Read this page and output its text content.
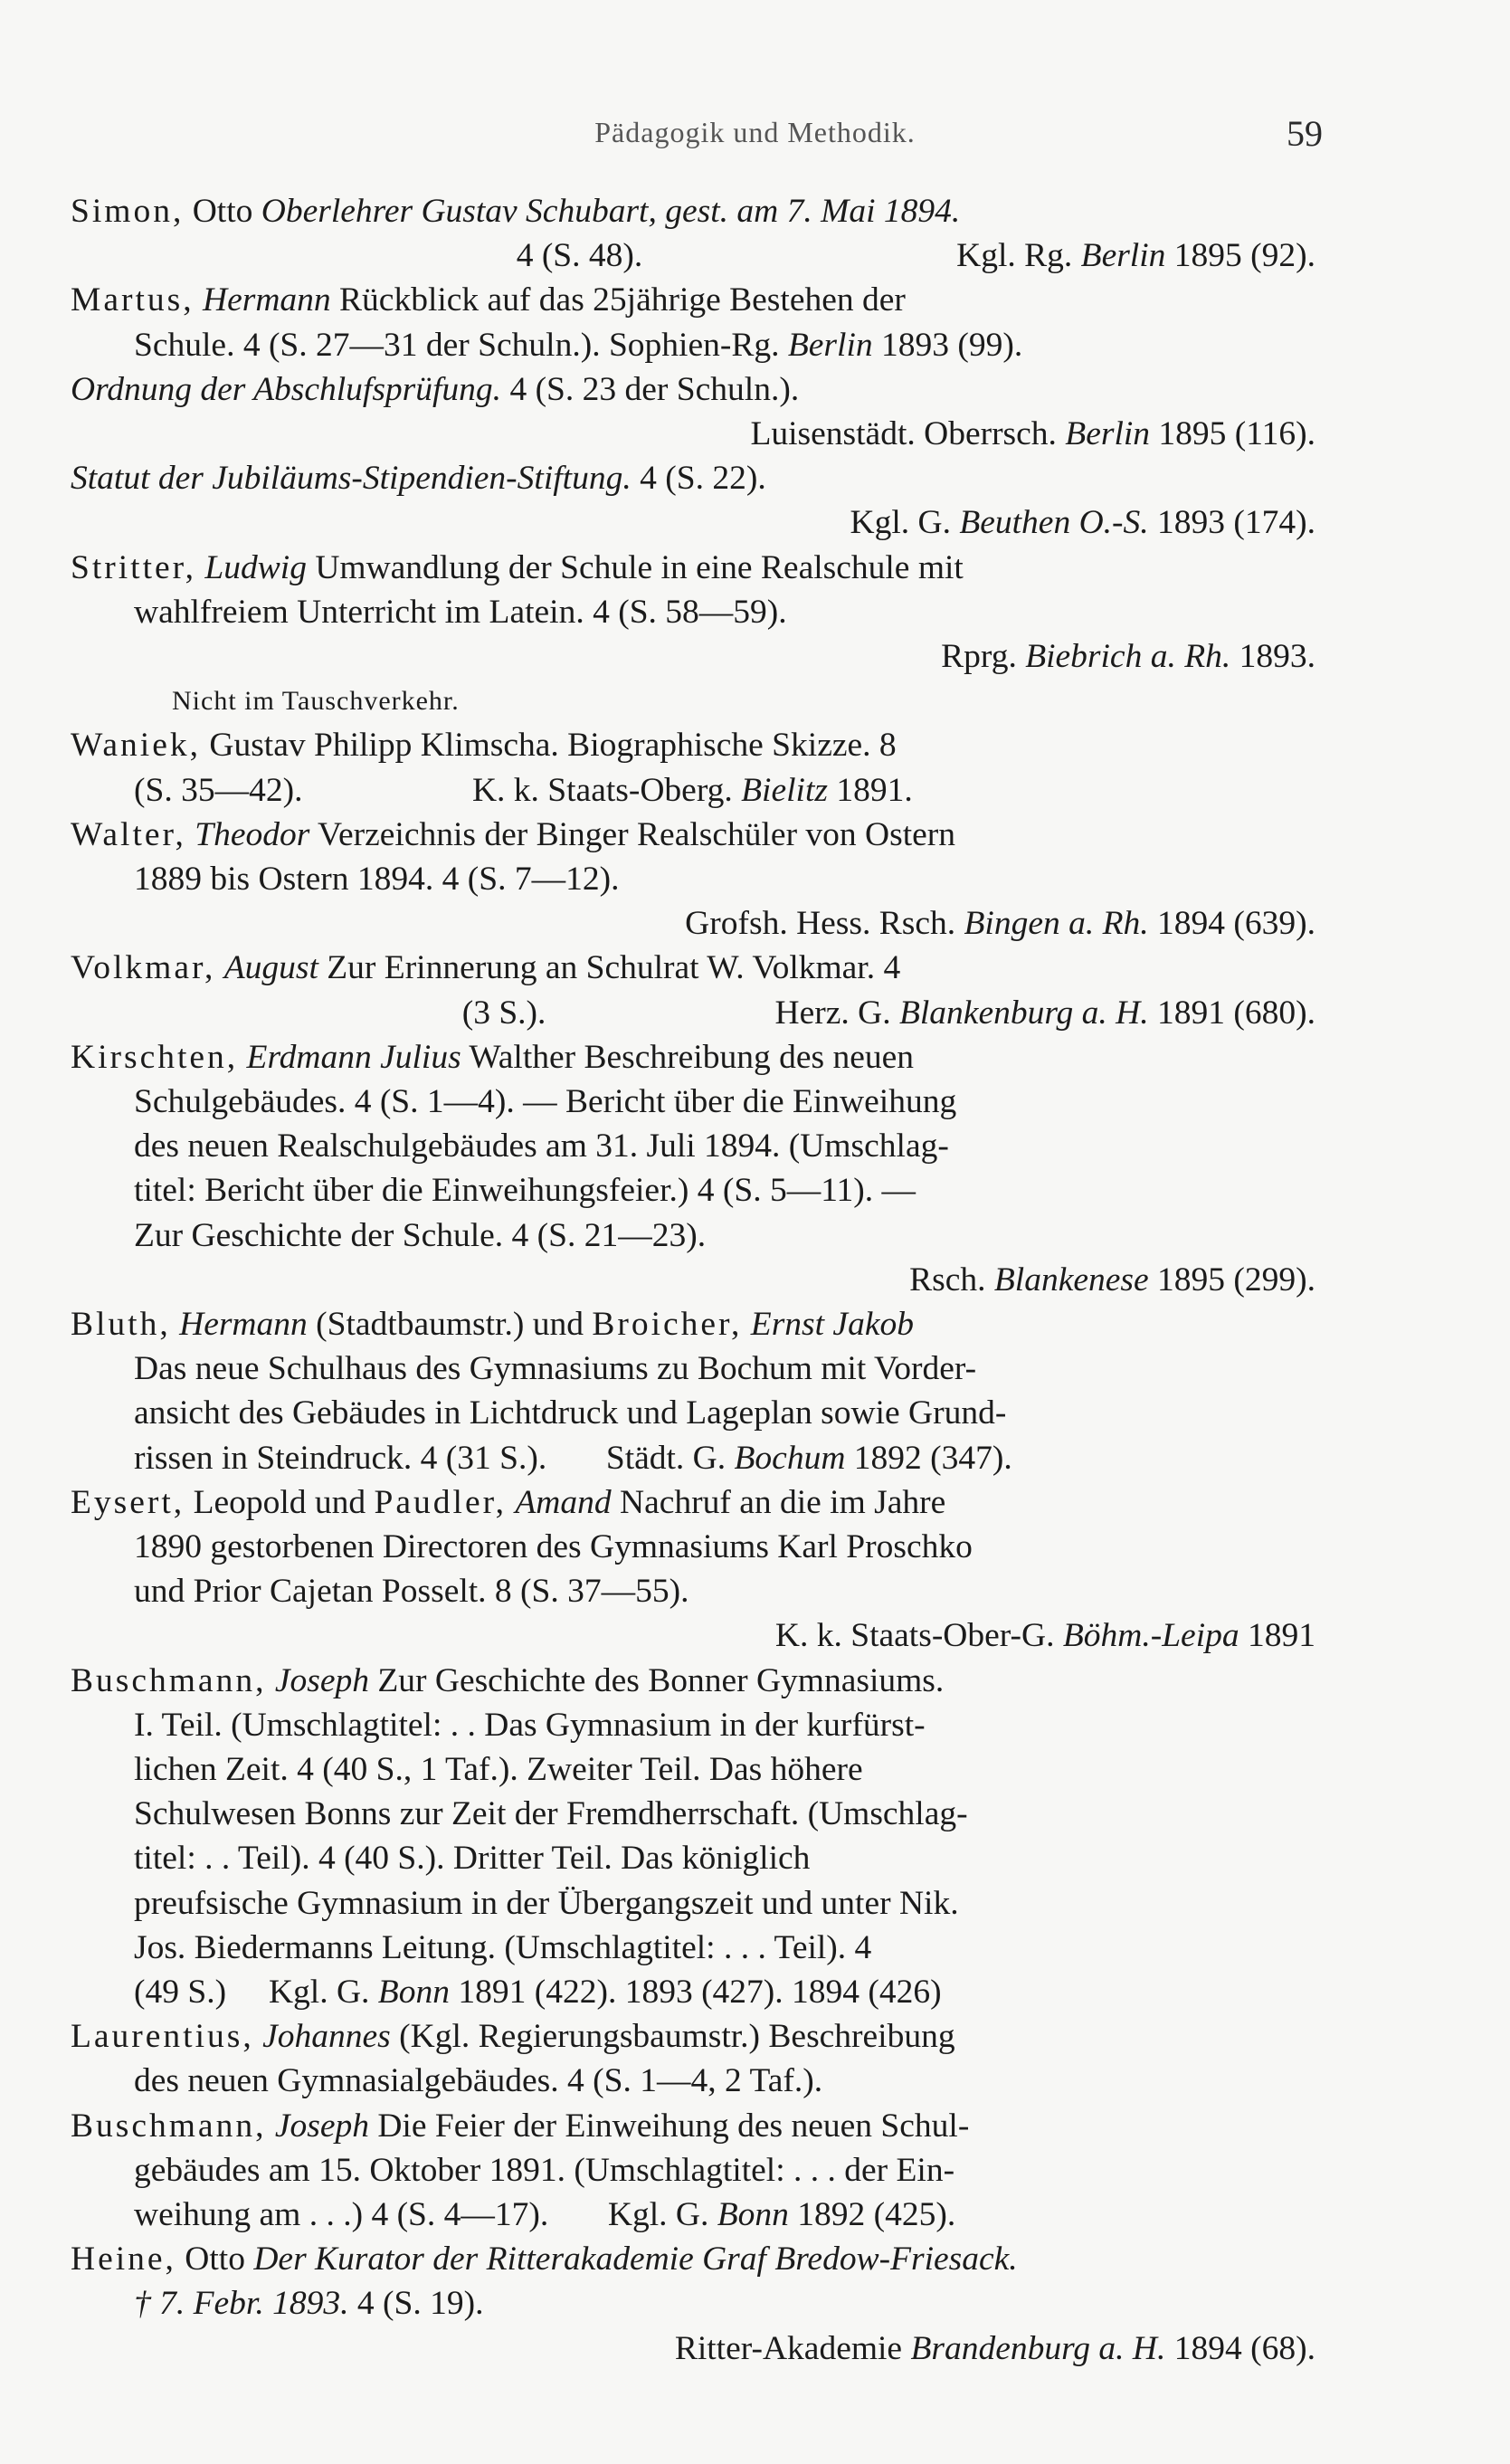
Pädagogik und Methodik.	59
Simon, Otto Oberlehrer Gustav Schubart, gest. am 7. Mai 1894.
4 (S. 48).                                     Kgl. Rg. Berlin 1895 (92).
Martus, Hermann Rückblick auf das 25jährige Bestehen der
Schule. 4 (S. 27—31 der Schuln.). Sophien-Rg. Berlin 1893 (99).
Ordnung der Abschlufsprüfung. 4 (S. 23 der Schuln.).
Luisenstädt. Oberrsch. Berlin 1895 (116).
Statut der Jubiläums-Stipendien-Stiftung. 4 (S. 22).
Kgl. G. Beuthen O.-S. 1893 (174).
Stritter, Ludwig Umwandlung der Schule in eine Realschule mit
wahlfreiem Unterricht im Latein. 4 (S. 58—59).
Rprg. Biebrich a. Rh. 1893.
Nicht im Tauschverkehr.
Waniek, Gustav Philipp Klimscha. Biographische Skizze. 8
(S. 35—42).                    K. k. Staats-Oberg. Bielitz 1891.
Walter, Theodor Verzeichnis der Binger Realschüler von Ostern
1889 bis Ostern 1894. 4 (S. 7—12).
Grofsh. Hess. Rsch. Bingen a. Rh. 1894 (639).
Volkmar, August Zur Erinnerung an Schulrat W. Volkmar. 4
(3 S.).                           Herz. G. Blankenburg a. H. 1891 (680).
Kirschten, Erdmann Julius Walther Beschreibung des neuen
Schulgebäudes. 4 (S. 1—4). — Bericht über die Einweihung
des neuen Realschulgebäudes am 31. Juli 1894. (Umschlag-
titel: Bericht über die Einweihungsfeier.) 4 (S. 5—11). —
Zur Geschichte der Schule. 4 (S. 21—23).
Rsch. Blankenese 1895 (299).
Bluth, Hermann (Stadtbaumstr.) und Broicher, Ernst Jakob
Das neue Schulhaus des Gymnasiums zu Bochum mit Vorder-
ansicht des Gebäudes in Lichtdruck und Lageplan sowie Grund-
rissen in Steindruck. 4 (31 S.).       Städt. G. Bochum 1892 (347).
Eysert, Leopold und Paudler, Amand Nachruf an die im Jahre
1890 gestorbenen Directoren des Gymnasiums Karl Proschko
und Prior Cajetan Posselt. 8 (S. 37—55).
K. k. Staats-Ober-G. Böhm.-Leipa 1891
Buschmann, Joseph Zur Geschichte des Bonner Gymnasiums.
I. Teil. (Umschlagtitel: . . Das Gymnasium in der kurfürst-
lichen Zeit. 4 (40 S., 1 Taf.). Zweiter Teil. Das höhere
Schulwesen Bonns zur Zeit der Fremdherrschaft. (Umschlag-
titel: . . Teil). 4 (40 S.). Dritter Teil. Das königlich
preufsische Gymnasium in der Übergangszeit und unter Nik.
Jos. Biedermanns Leitung. (Umschlagtitel: . . . Teil). 4
(49 S.)     Kgl. G. Bonn 1891 (422). 1893 (427). 1894 (426)
Laurentius, Johannes (Kgl. Regierungsbaumstr.) Beschreibung
des neuen Gymnasialgebäudes. 4 (S. 1—4, 2 Taf.).
Buschmann, Joseph Die Feier der Einweihung des neuen Schul-
gebäudes am 15. Oktober 1891. (Umschlagtitel: . . . der Ein-
weihung am . . .) 4 (S. 4—17).       Kgl. G. Bonn 1892 (425).
Heine, Otto Der Kurator der Ritterakademie Graf Bredow-Friesack.
† 7. Febr. 1893. 4 (S. 19).
Ritter-Akademie Brandenburg a. H. 1894 (68).
